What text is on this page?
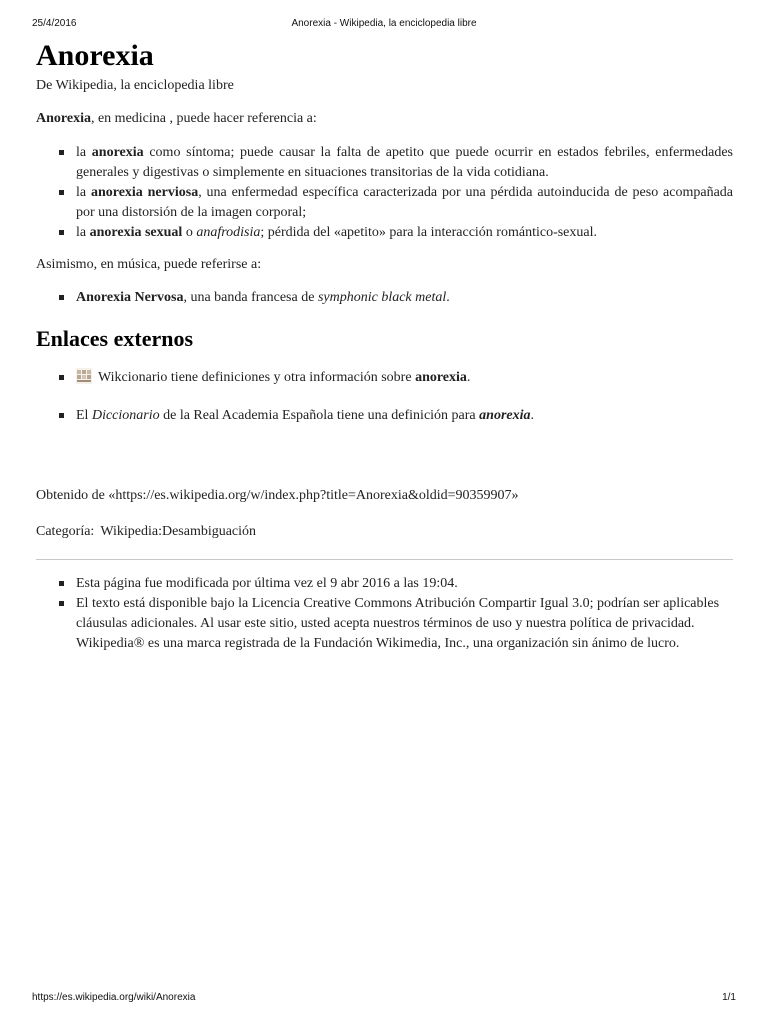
25/4/2016	Anorexia - Wikipedia, la enciclopedia libre
Anorexia
De Wikipedia, la enciclopedia libre

Anorexia, en medicina , puede hacer referencia a:

la anorexia como síntoma; puede causar la falta de apetito que puede ocurrir en estados febriles, enfermedades generales y digestivas o simplemente en situaciones transitorias de la vida cotidiana.
la anorexia nerviosa, una enfermedad específica caracterizada por una pérdida autoinducida de peso acompañada por una distorsión de la imagen corporal;
la anorexia sexual o anafrodisia; pérdida del «apetito» para la interacción romántico-sexual.

Asimismo, en música, puede referirse a:

Anorexia Nervosa, una banda francesa de symphonic black metal.
Enlaces externos
Wikcionario tiene definiciones y otra información sobre anorexia.
El Diccionario de la Real Academia Española tiene una definición para anorexia.

Obtenido de «https://es.wikipedia.org/w/index.php?title=Anorexia&oldid=90359907»

Categoría: Wikipedia:Desambiguación

Esta página fue modificada por última vez el 9 abr 2016 a las 19:04.
El texto está disponible bajo la Licencia Creative Commons Atribución Compartir Igual 3.0; podrían ser aplicables cláusulas adicionales. Al usar este sitio, usted acepta nuestros términos de uso y nuestra política de privacidad.
Wikipedia® es una marca registrada de la Fundación Wikimedia, Inc., una organización sin ánimo de lucro.
https://es.wikipedia.org/wiki/Anorexia	1/1
